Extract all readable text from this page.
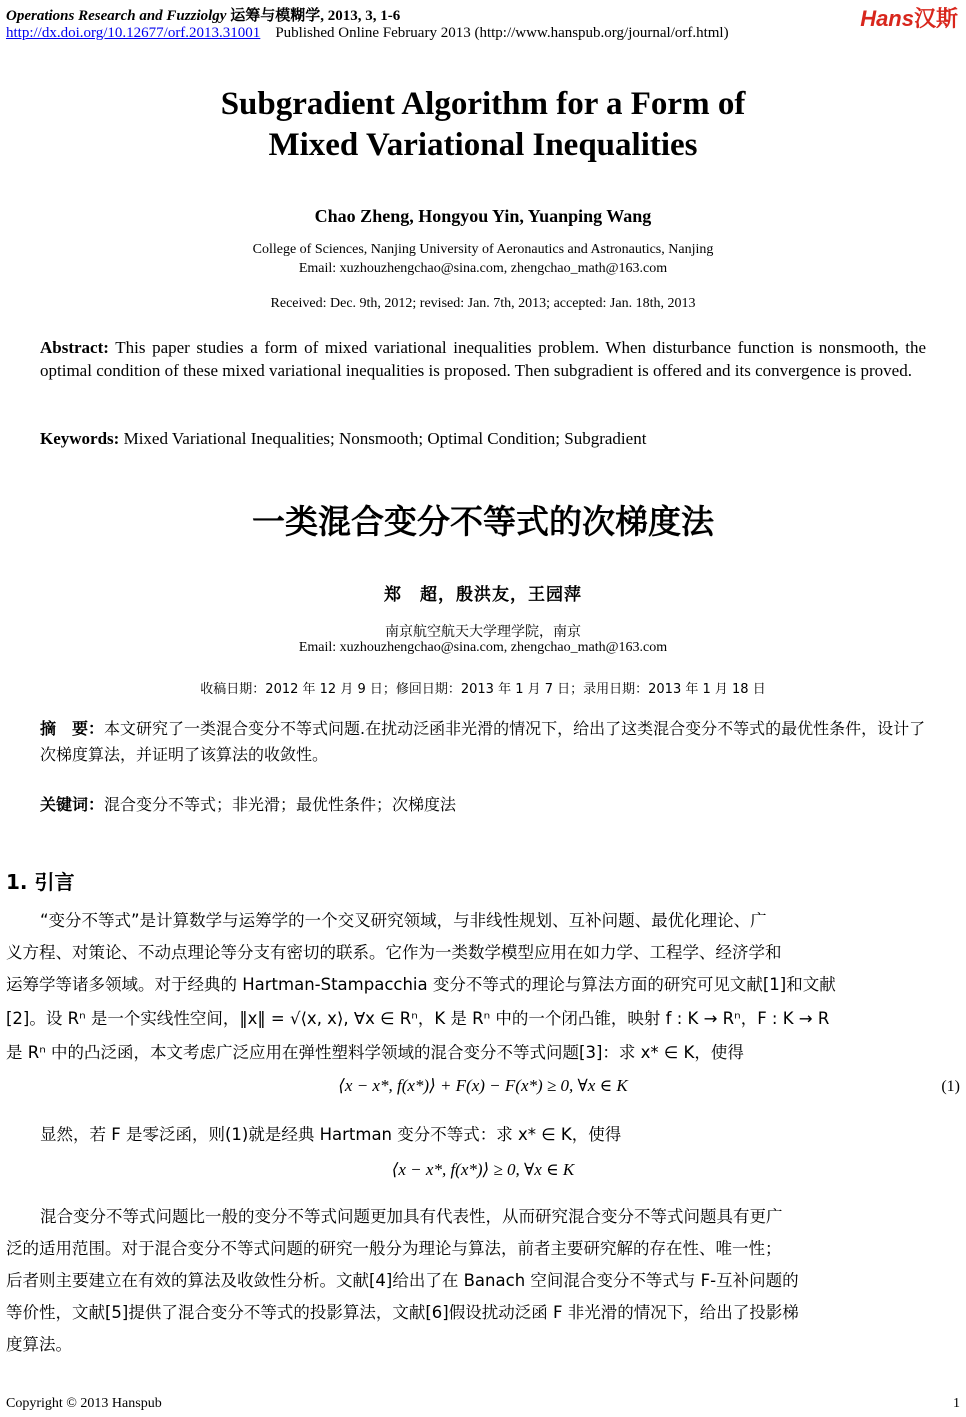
Operations Research and Fuzziolgy 运筹与模糊学, 2013, 3, 1-6	Hans汉斯
http://dx.doi.org/10.12677/orf.2013.31001 Published Online February 2013 (http://www.hanspub.org/journal/orf.html)
Subgradient Algorithm for a Form of
Mixed Variational Inequalities
Chao Zheng, Hongyou Yin, Yuanping Wang
College of Sciences, Nanjing University of Aeronautics and Astronautics, Nanjing
Email: xuzhouzhengchao@sina.com, zhengchao_math@163.com
Received: Dec. 9th, 2012; revised: Jan. 7th, 2013; accepted: Jan. 18th, 2013
Abstract: This paper studies a form of mixed variational inequalities problem. When disturbance function is nonsmooth, the optimal condition of these mixed variational inequalities is proposed. Then subgradient is offered and its convergence is proved.
Keywords: Mixed Variational Inequalities; Nonsmooth; Optimal Condition; Subgradient
一类混合变分不等式的次梯度法
郑　超，殷洪友，王园萍
南京航空航天大学理学院，南京
Email: xuzhouzhengchao@sina.com, zhengchao_math@163.com
收稿日期：2012 年 12 月 9 日；修回日期：2013 年 1 月 7 日；录用日期：2013 年 1 月 18 日
摘　要：本文研究了一类混合变分不等式问题.在扰动泛函非光滑的情况下，给出了这类混合变分不等式的最优性条件，设计了次梯度算法，并证明了该算法的收敛性。
关键词：混合变分不等式；非光滑；最优性条件；次梯度法
1. 引言
“变分不等式”是计算数学与运筹学的一个交叉研究领域，与非线性规划、互补问题、最优化理论、广
义方程、对策论、不动点理论等分支有密切的联系。它作为一类数学模型应用在如力学、工程学、经济学和
运筹学等诸多领域。对于经典的 Hartman-Stampacchia 变分不等式的理论与算法方面的研究可见文献[1]和文献
[2]。设 Rⁿ 是一个实线性空间，‖x‖ = √⟨x, x⟩, ∀x ∈ Rⁿ，K 是 Rⁿ 中的一个闭凸锥，映射 f : K → Rⁿ，F : K → R
是 Rⁿ 中的凸泛函，本文考虑广泛应用在弹性塑料学领域的混合变分不等式问题[3]：求 x* ∈ K，使得
⟨x − x*, f(x*)⟩ + F(x) − F(x*) ≥ 0, ∀x ∈ K	(1)
显然，若 F 是零泛函，则(1)就是经典 Hartman 变分不等式：求 x* ∈ K，使得
⟨x − x*, f(x*)⟩ ≥ 0, ∀x ∈ K
混合变分不等式问题比一般的变分不等式问题更加具有代表性，从而研究混合变分不等式问题具有更广
泛的适用范围。对于混合变分不等式问题的研究一般分为理论与算法，前者主要研究解的存在性、唯一性；
后者则主要建立在有效的算法及收敛性分析。文献[4]给出了在 Banach 空间混合变分不等式与 F-互补问题的
等价性，文献[5]提供了混合变分不等式的投影算法，文献[6]假设扰动泛函 F 非光滑的情况下，给出了投影梯
度算法。
Copyright © 2013 Hanspub	1
